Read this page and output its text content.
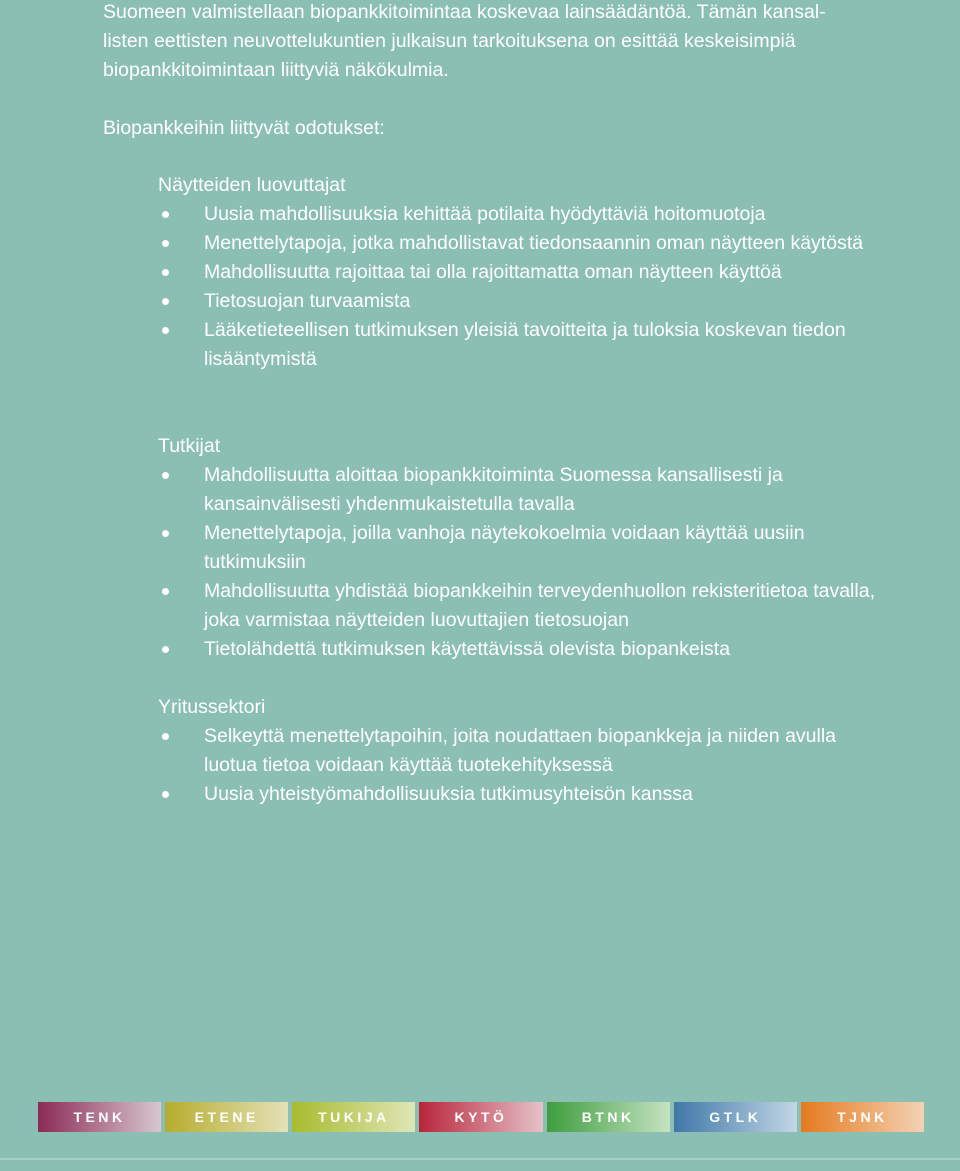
Suomeen valmistellaan biopankkitoimintaa koskevaa lainsäädäntöä. Tämän kansal-

listen eettisten neuvottelukuntien julkaisun tarkoituksena on esittää keskeisimpiä

biopankkitoimintaan liittyviä näkökulmia.

Biopankkeihin liittyvät odotukset:
Näytteiden luovuttajat
Uusia mahdollisuuksia kehittää potilaita hyödyttäviä hoitomuotoja
Menettelytapoja, jotka mahdollistavat tiedonsaannin oman näytteen käytöstä
Mahdollisuutta rajoittaa tai olla rajoittamatta oman näytteen käyttöä
Tietosuojan turvaamista
Lääketieteellisen tutkimuksen yleisiä tavoitteita ja tuloksia koskevan tiedon lisääntymistä
Tutkijat
Mahdollisuutta aloittaa biopankkitoiminta Suomessa kansallisesti ja kansainvälisesti yhdenmukaistetulla tavalla
Menettelytapoja, joilla vanhoja näytekokoelmia voidaan käyttää uusiin tutkimuksiin
Mahdollisuutta yhdistää biopankkeihin terveydenhuollon rekisteritietoa tavalla, joka varmistaa näytteiden luovuttajien tietosuojan
Tietolähdettä tutkimuksen käytettävissä olevista biopankeista
Yritussektori
Selkeyttä menettelytapoihin, joita noudattaen biopankkeja ja niiden avulla luotua tietoa voidaan käyttää tuotekehityksessä
Uusia yhteistyömahdollisuuksia tutkimusyhteisön kanssa
TENK	ETENE	TUKIJA	KYTÖ	BTNK	GTLK	TJNK
